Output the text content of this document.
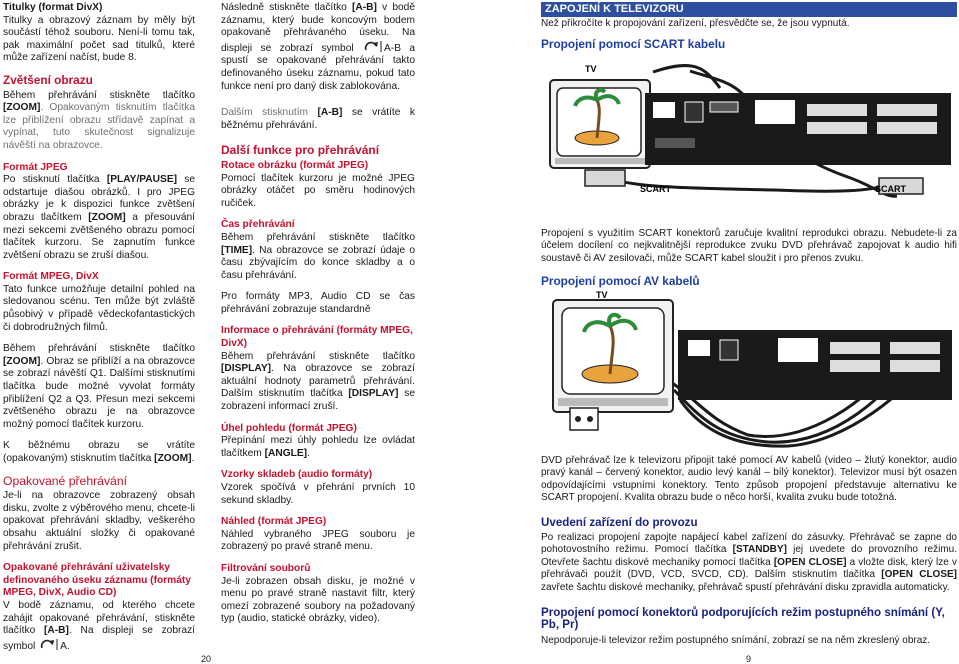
Titulky (format DivX)

Titulky a obrazový záznam by měly být součástí téhož souboru. Není-li tomu tak, pak maximální počet sad titulků, které může zařízení načíst, bude 8.

Zvětšení obrazu

Během přehrávání stiskněte tlačítko [ZOOM]. Opakovaným tisknutím tlačítka lze přiblížení obrazu střídavě zapínat a vypínat, tuto skutečnost signalizuje návěští na obrazovce.

Formát JPEG

Po stisknutí tlačítka [PLAY/PAUSE] se odstartuje diašou obrázků. I pro JPEG obrázky je k dispozici funkce zvětšení obrazu tlačítkem [ZOOM] a přesouvání mezi sekcemi zvětšeného obrazu pomocí tlačítek kurzoru. Se zapnutím funkce zvětšení obrazu se zruší diašou.

Formát MPEG, DivX

Tato funkce umožňuje detailní pohled na sledovanou scénu. Ten může být zvláště působivý v případě vědeckofantastických či dobrodružných filmů.

Během přehrávání stiskněte tlačítko [ZOOM]. Obraz se přiblíží a na obrazovce se zobrazí návěští Q1. Dalšími stisknutími tlačítka bude možné vyvolat formáty přiblížení Q2 a Q3. Přesun mezi sekcemi zvětšeného obrazu je na obrazovce možný pomocí tlačítek kurzoru.

K běžnému obrazu se vrátíte (opakovaným) stisknutím tlačítka [ZOOM].

Opakované přehrávání

Je-li na obrazovce zobrazený obsah disku, zvolte z výběrového menu, chcete-li opakovat přehrávání skladby, veškerého obsahu aktuální složky či opakované přehrávání zrušit.

Opakované přehrávání uživatelsky definovaného úseku záznamu (formáty MPEG, DivX, Audio CD)

V bodě záznamu, od kterého chcete zahájit opakované přehrávání, stiskněte tlačítko [A-B]. Na displeji se zobrazí symbol A.

20

Následně stiskněte tlačítko [A-B] v bodě záznamu, který bude koncovým bodem opakovaně přehrávaného úseku. Na displeji se zobrazí symbol A-B a spustí se opakované přehrávání takto definovaného úseku záznamu, pokud tato funkce není pro daný disk zablokována.

Dalším stisknutím [A-B] se vrátíte k běžnému přehrávání.

Další funkce pro přehrávání

Rotace obrázku (formát JPEG)

Pomocí tlačítek kurzoru je možné JPEG obrázky otáčet po směru hodinových ručiček.

Čas přehrávání

Během přehrávání stiskněte tlačítko [TIME]. Na obrazovce se zobrazí údaje o času zbývajícím do konce skladby a o času přehrávání.

Pro formáty MP3, Audio CD se čas přehrávání zobrazuje standardně

Informace o přehrávání (formáty MPEG, DivX)

Během přehrávání stiskněte tlačítko [DISPLAY]. Na obrazovce se zobrazí aktuální hodnoty parametrů přehrávání. Dalším stisknutím tlačítka [DISPLAY] se zobrazení informací zruší.

Úhel pohledu (formát JPEG)

Přepínání mezi úhly pohledu lze ovládat tlačítkem [ANGLE].

Vzorky skladeb (audio formáty)

Vzorek spočívá v přehrání prvních 10 sekund skladby.

Náhled (formát JPEG)

Náhled vybraného JPEG souboru je zobrazený po pravé straně menu.

Filtrování souborů

Je-li zobrazen obsah disku, je možné v menu po pravé straně nastavit filtr, který omezí zobrazené soubory na požadovaný typ (audio, statické obrázky, video).

ZAPOJENÍ K TELEVIZORU

Než přikročíte k propojování zařízení, přesvědčte se, že jsou vypnutá.

Propojení pomocí SCART kabelu

TV
SCART	SCART

Propojení s využitím SCART konektorů zaručuje kvalitní reprodukci obrazu. Nebudete-li za účelem docílení co nejkvalitnější reprodukce zvuku DVD přehrávač zapojovat k audio hifi soustavě či AV zesilovači, může SCART kabel sloužit i pro přenos zvuku.

Propojení pomocí AV kabelů

TV

DVD přehrávač lze k televizoru připojit také pomocí AV kabelů (video – žlutý konektor, audio pravý kanál – červený konektor, audio levý kanál – bílý konektor). Televizor musí být osazen odpovídajícími vstupními konektory. Tento způsob propojení představuje alternativu ke SCART propojení. Kvalita obrazu bude o něco horší, kvalita zvuku bude totožná.

Uvedení zařízení do provozu

Po realizaci propojení zapojte napájecí kabel zařízení do zásuvky. Přehrávač se zapne do pohotovostního režimu. Pomocí tlačítka [STANDBY] jej uvedete do provozního režimu. Otevřete šachtu diskové mechaniky pomocí tlačítka [OPEN CLOSE] a vložte disk, který lze v přehrávači pouźít (DVD, VCD, SVCD, CD). Dalším stisknutím tlačítka [OPEN CLOSE] zavřete šachtu diskové mechaniky, přehrávač spustí přehrávání disku zpravidla automaticky.

Propojení pomocí konektorů podporujících režim postupného snímání (Y, Pb, Pr)

Nepodporuje-li televizor režim postupného snímání, zobrazí se na něm zkreslený obraz.

9
